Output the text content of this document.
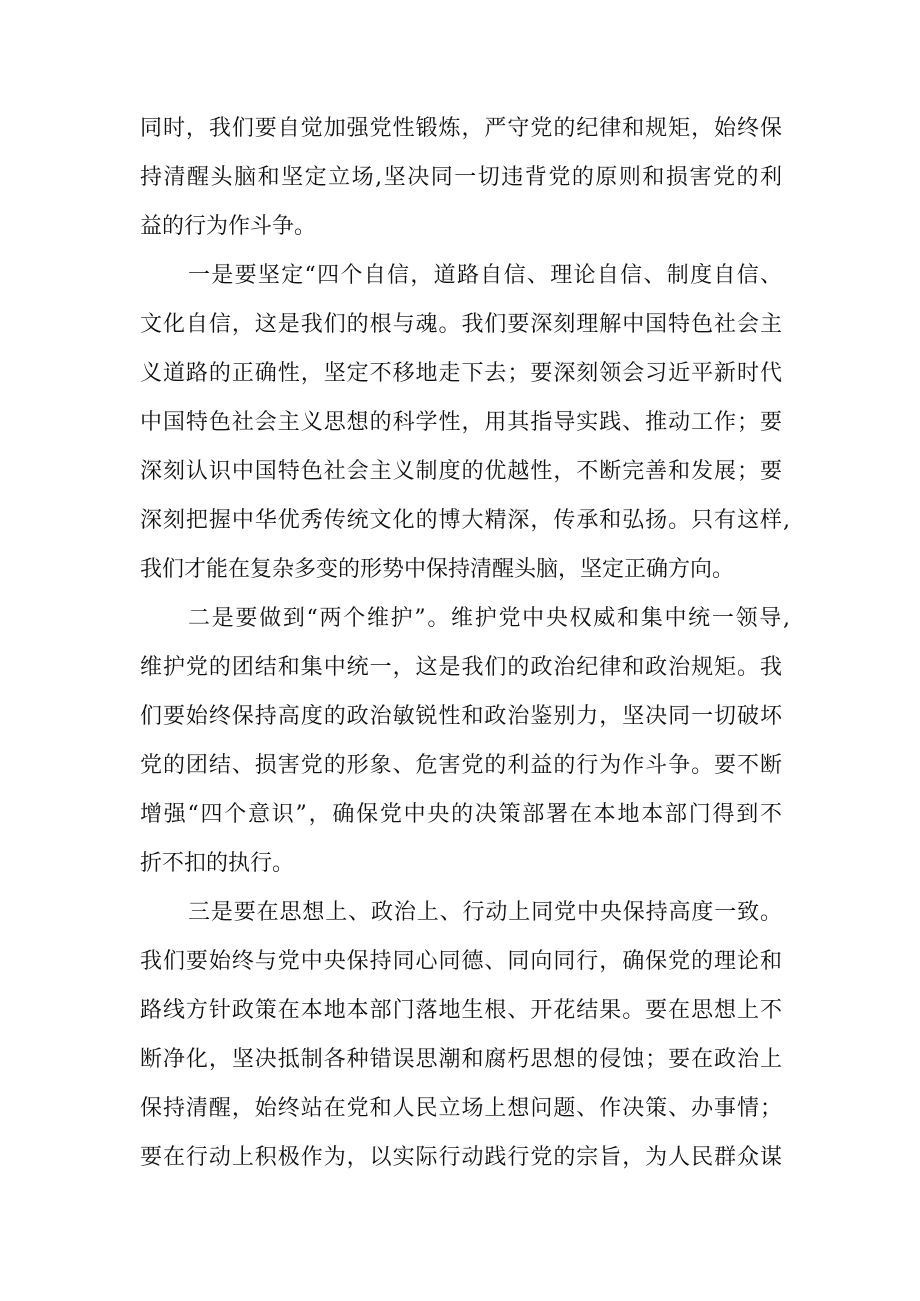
同时，我们要自觉加强党性锻炼，严守党的纪律和规矩，始终保
持清醒头脑和坚定立场,坚决同一切违背党的原则和损害党的利
益的行为作斗争。
一是要坚定“四个自信，道路自信、理论自信、制度自信、
文化自信，这是我们的根与魂。我们要深刻理解中国特色社会主
义道路的正确性，坚定不移地走下去；要深刻领会习近平新时代
中国特色社会主义思想的科学性，用其指导实践、推动工作；要
深刻认识中国特色社会主义制度的优越性，不断完善和发展；要
深刻把握中华优秀传统文化的博大精深，传承和弘扬。只有这样,
我们才能在复杂多变的形势中保持清醒头脑，坚定正确方向。
二是要做到“两个维护”。维护党中央权威和集中统一领导,
维护党的团结和集中统一，这是我们的政治纪律和政治规矩。我
们要始终保持高度的政治敏锐性和政治鉴别力，坚决同一切破坏
党的团结、损害党的形象、危害党的利益的行为作斗争。要不断
增强“四个意识”，确保党中央的决策部署在本地本部门得到不
折不扣的执行。
三是要在思想上、政治上、行动上同党中央保持高度一致。
我们要始终与党中央保持同心同德、同向同行，确保党的理论和
路线方针政策在本地本部门落地生根、开花结果。要在思想上不
断净化，坚决抵制各种错误思潮和腐朽思想的侵蚀；要在政治上
保持清醒，始终站在党和人民立场上想问题、作决策、办事情；
要在行动上积极作为，以实际行动践行党的宗旨，为人民群众谋
